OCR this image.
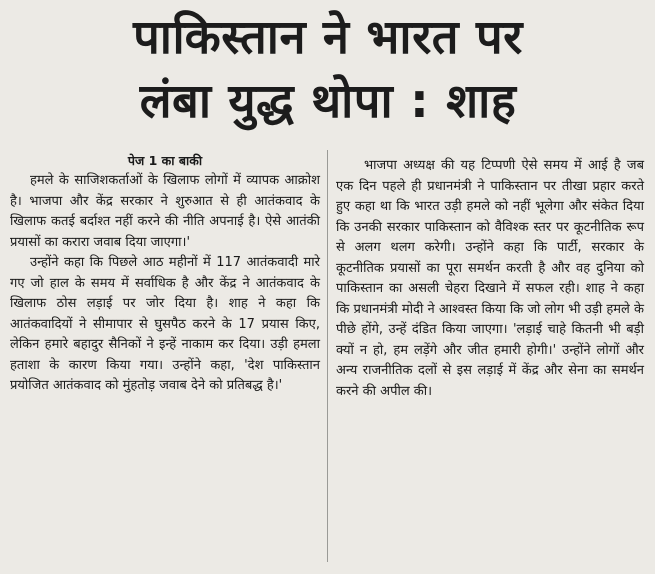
पाकिस्तान ने भारत पर
लंबा युद्ध थोपा : शाह
पेज 1 का बाकी

हमले के साजिशकर्ताओं के खिलाफ लोगों में व्यापक आक्रोश है। भाजपा और केंद्र सरकार ने शुरुआत से ही आतंकवाद के खिलाफ कतई बर्दाश्त नहीं करने की नीति अपनाई है। ऐसे आतंकी प्रयासों का करारा जवाब दिया जाएगा।'

उन्होंने कहा कि पिछले आठ महीनों में 117 आतंकवादी मारे गए जो हाल के समय में सर्वाधिक है और केंद्र ने आतंकवाद के खिलाफ ठोस लड़ाई पर जोर दिया है। शाह ने कहा कि आतंकवादियों ने सीमापार से घुसपैठ करने के 17 प्रयास किए, लेकिन हमारे बहादुर सैनिकों ने इन्हें नाकाम कर दिया। उड़ी हमला हताशा के कारण किया गया। उन्होंने कहा, 'देश पाकिस्तान प्रयोजित आतंकवाद को मुंहतोड़ जवाब देने को प्रतिबद्ध है।'

भाजपा अध्यक्ष की यह टिप्पणी ऐसे समय में आई है जब एक दिन पहले ही प्रधानमंत्री ने पाकिस्तान पर तीखा प्रहार करते हुए कहा था कि भारत उड़ी हमले को नहीं भूलेगा और संकेत दिया कि उनकी सरकार पाकिस्तान को वैविश्क स्तर पर कूटनीतिक रूप से अलग थलग करेगी। उन्होंने कहा कि पार्टी, सरकार के कूटनीतिक प्रयासों का पूरा समर्थन करती है और वह दुनिया को पाकिस्तान का असली चेहरा दिखाने में सफल रही। शाह ने कहा कि प्रधानमंत्री मोदी ने आश्वस्त किया कि जो लोग भी उड़ी हमले के पीछे होंगे, उन्हें दंडित किया जाएगा। 'लड़ाई चाहे कितनी भी बड़ी क्यों न हो, हम लड़ेंगे और जीत हमारी होगी।' उन्होंने लोगों और अन्य राजनीतिक दलों से इस लड़ाई में केंद्र और सेना का समर्थन करने की अपील की।
